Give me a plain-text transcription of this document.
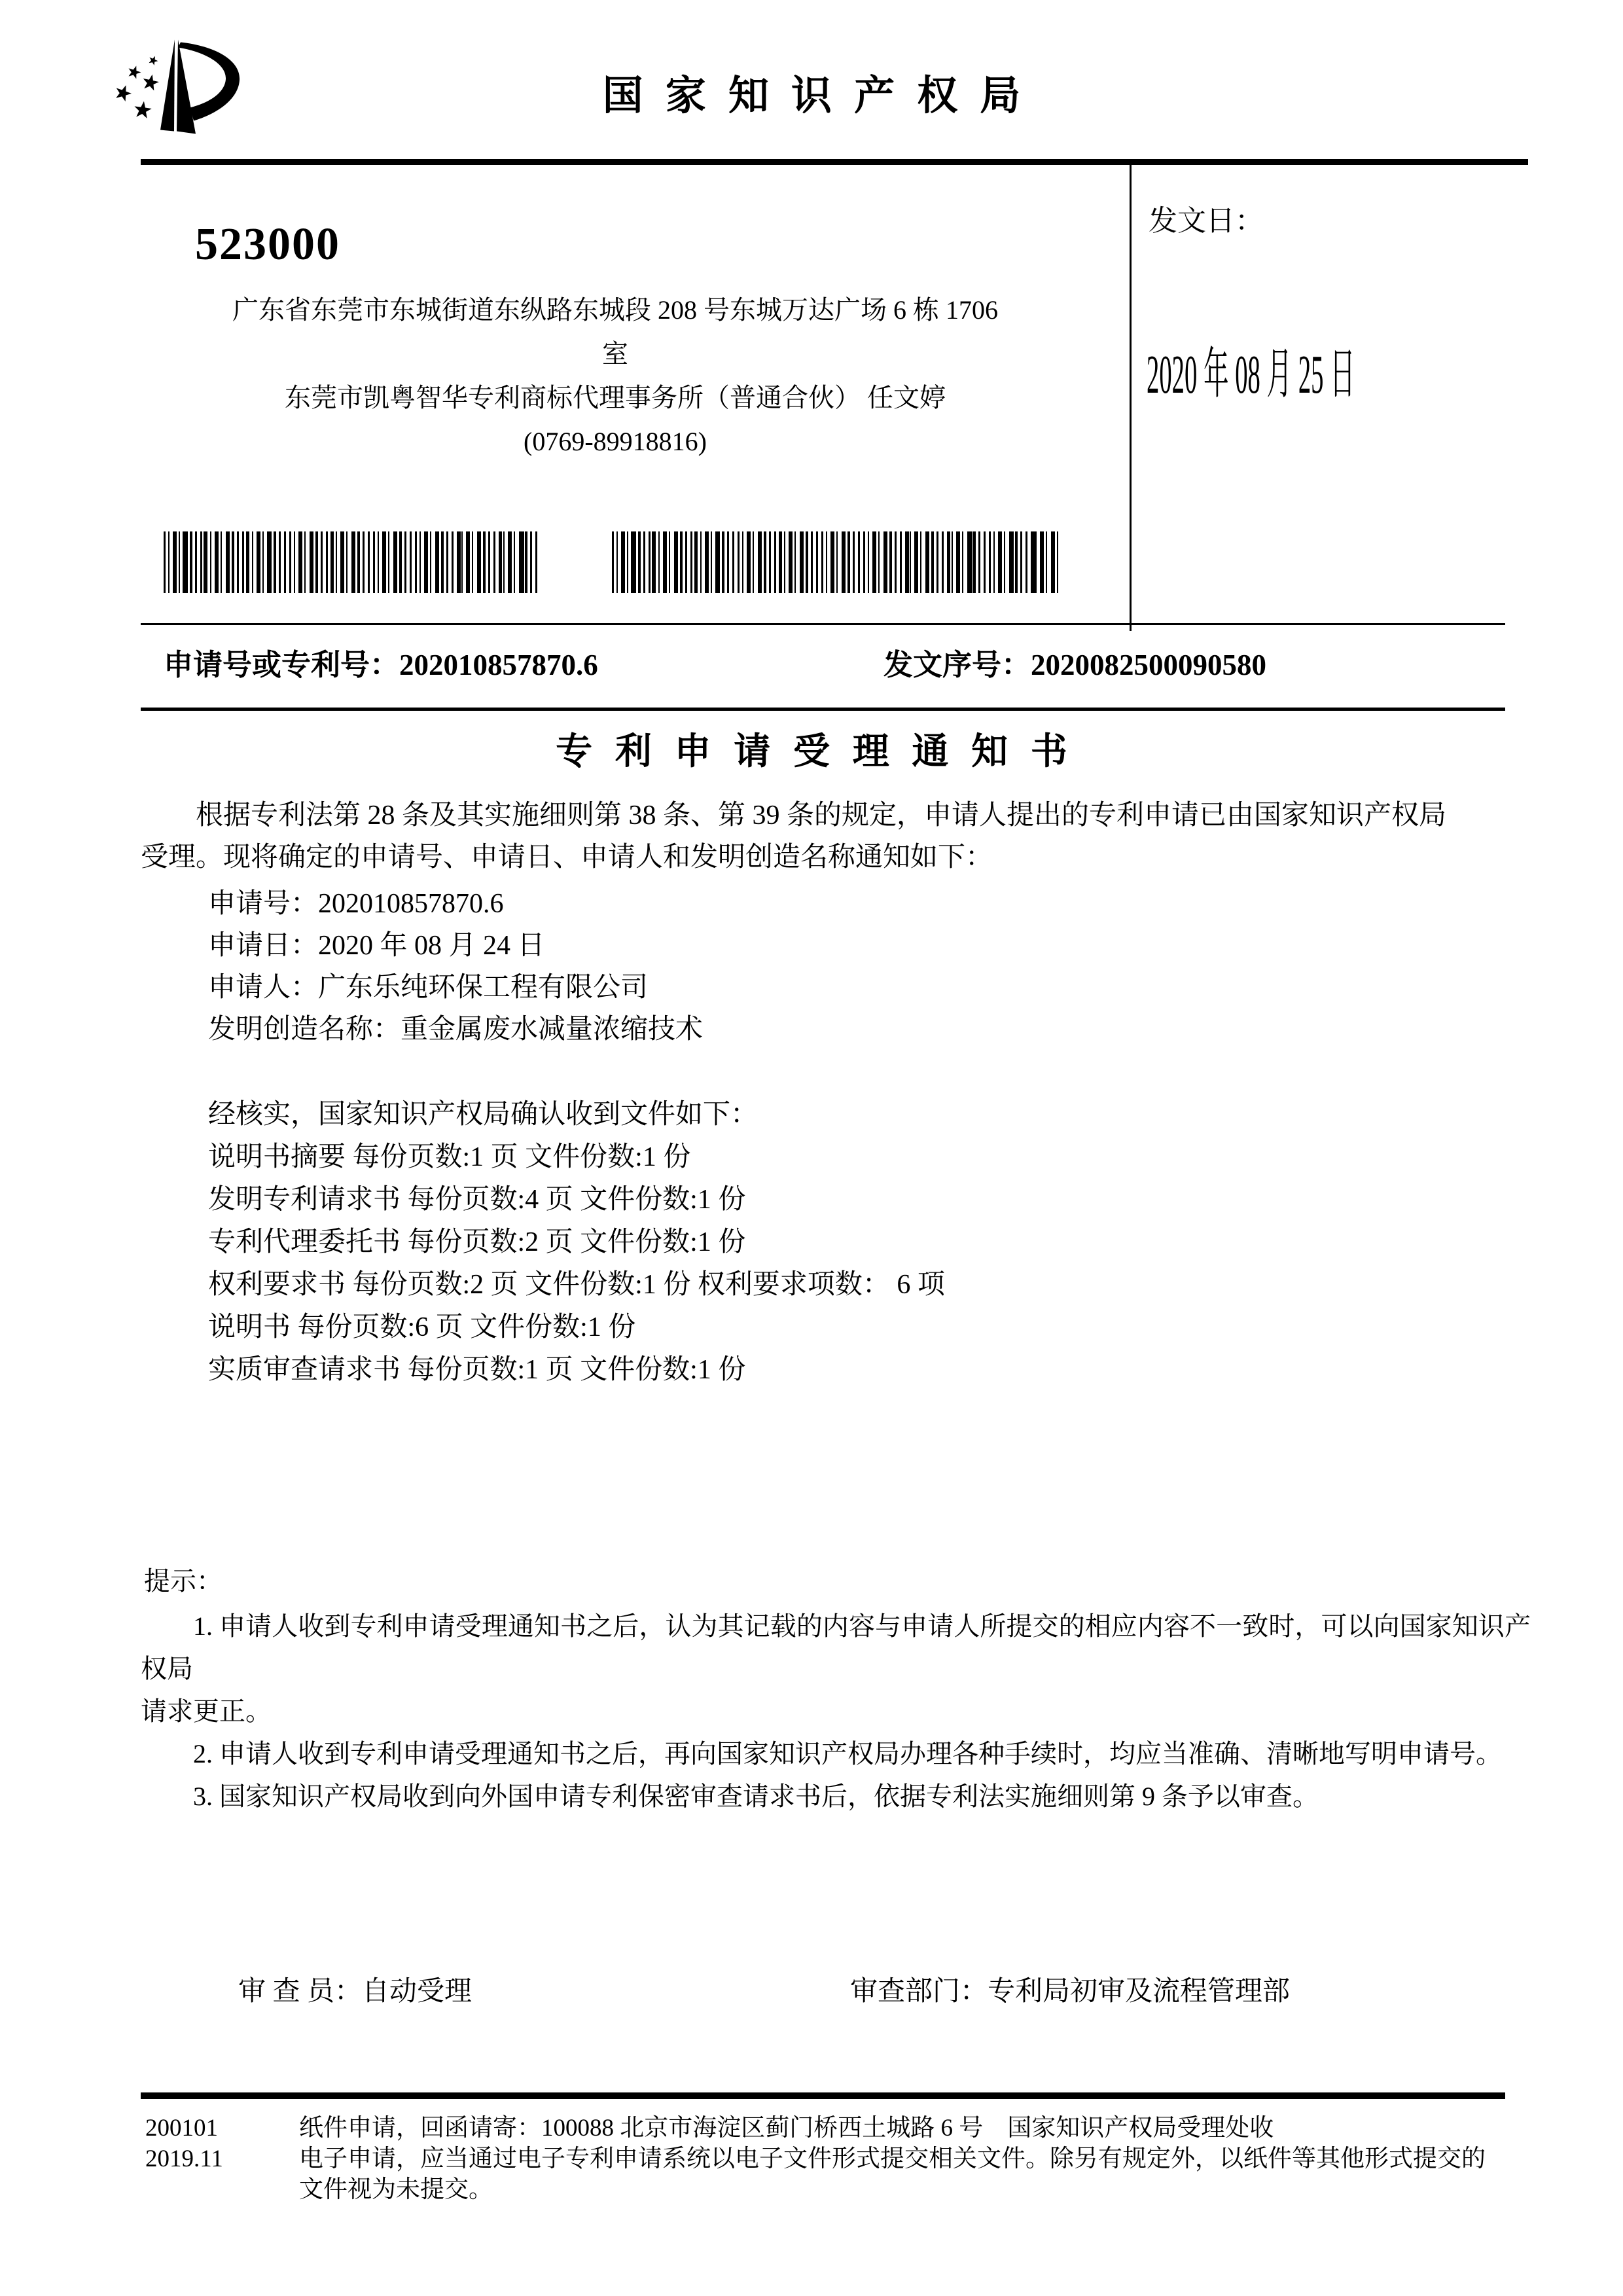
国家知识产权局
发文日：
2020 年 08 月 25 日
523000
广东省东莞市东城街道东纵路东城段 208 号东城万达广场 6 栋 1706
室
东莞市凯粤智华专利商标代理事务所（普通合伙） 任文婷
(0769-89918816)
申请号或专利号：202010857870.6	发文序号：2020082500090580
专利申请受理通知书
根据专利法第 28 条及其实施细则第 38 条、第 39 条的规定，申请人提出的专利申请已由国家知识产权局
受理。现将确定的申请号、申请日、申请人和发明创造名称通知如下：
申请号：202010857870.6
申请日：2020 年 08 月 24 日
申请人：广东乐纯环保工程有限公司
发明创造名称：重金属废水减量浓缩技术
经核实，国家知识产权局确认收到文件如下：
说明书摘要 每份页数:1 页 文件份数:1 份
发明专利请求书 每份页数:4 页 文件份数:1 份
专利代理委托书 每份页数:2 页 文件份数:1 份
权利要求书 每份页数:2 页 文件份数:1 份 权利要求项数： 6 项
说明书 每份页数:6 页 文件份数:1 份
实质审查请求书 每份页数:1 页 文件份数:1 份
提示：
1. 申请人收到专利申请受理通知书之后，认为其记载的内容与申请人所提交的相应内容不一致时，可以向国家知识产权局
请求更正。
2. 申请人收到专利申请受理通知书之后，再向国家知识产权局办理各种手续时，均应当准确、清晰地写明申请号。
3. 国家知识产权局收到向外国申请专利保密审查请求书后，依据专利法实施细则第 9 条予以审查。
审 查 员：自动受理	审查部门：专利局初审及流程管理部
200101
2019.11
纸件申请，回函请寄：100088 北京市海淀区蓟门桥西土城路 6 号　国家知识产权局受理处收
电子申请，应当通过电子专利申请系统以电子文件形式提交相关文件。除另有规定外，以纸件等其他形式提交的
文件视为未提交。
